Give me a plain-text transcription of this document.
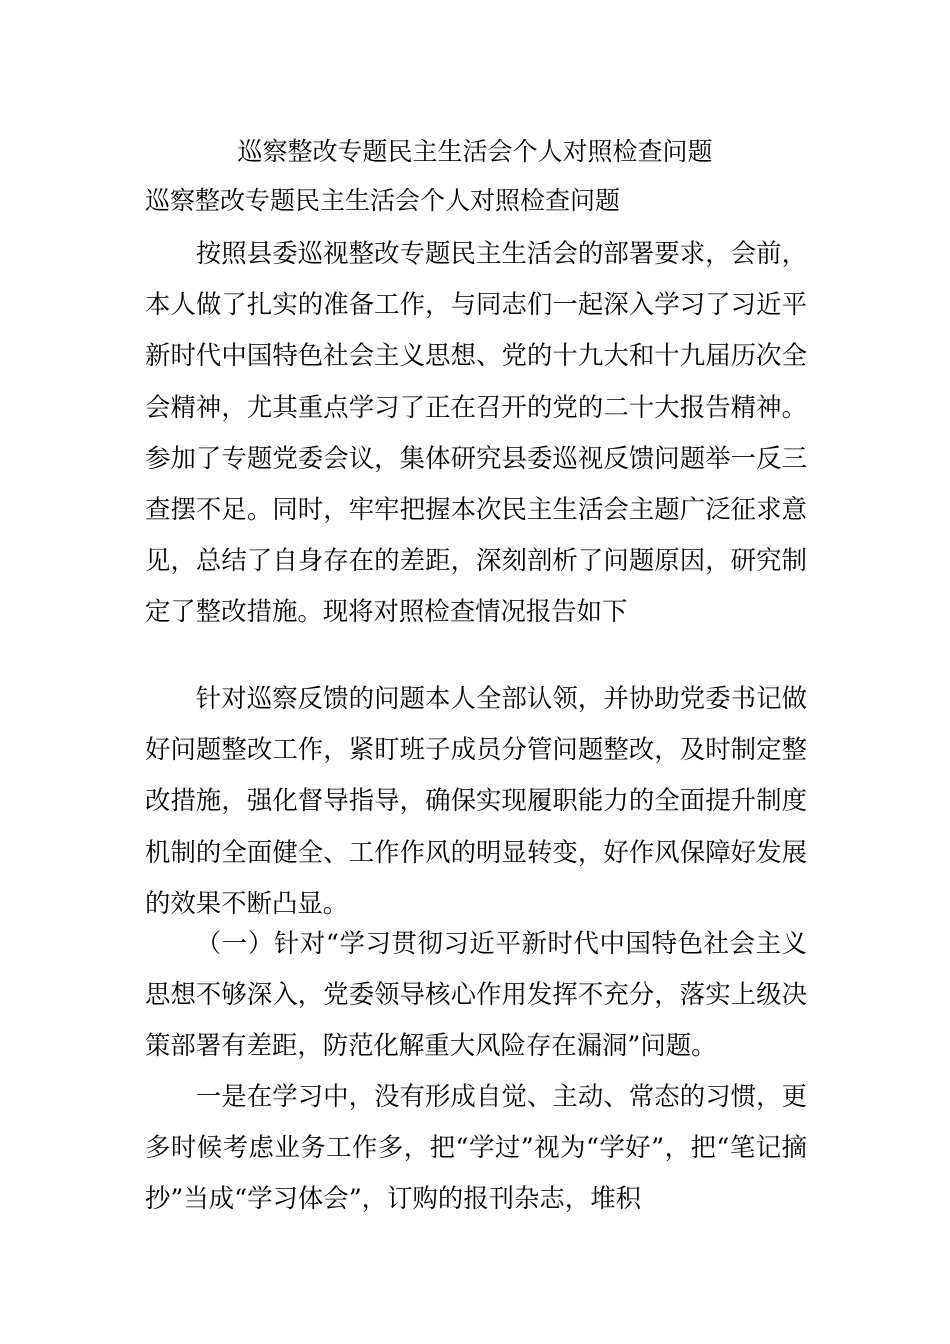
巡察整改专题民主生活会个人对照检查问题
巡察整改专题民主生活会个人对照检查问题

按照县委巡视整改专题民主生活会的部署要求，会前，本人做了扎实的准备工作，与同志们一起深入学习了习近平新时代中国特色社会主义思想、党的十九大和十九届历次全会精神，尤其重点学习了正在召开的党的二十大报告精神。参加了专题党委会议，集体研究县委巡视反馈问题举一反三查摆不足。同时，牢牢把握本次民主生活会主题广泛征求意见，总结了自身存在的差距，深刻剖析了问题原因，研究制定了整改措施。现将对照检查情况报告如下

针对巡察反馈的问题本人全部认领，并协助党委书记做好问题整改工作，紧盯班子成员分管问题整改，及时制定整改措施，强化督导指导，确保实现履职能力的全面提升制度机制的全面健全、工作作风的明显转变，好作风保障好发展的效果不断凸显。

（一）针对“学习贯彻习近平新时代中国特色社会主义思想不够深入，党委领导核心作用发挥不充分，落实上级决策部署有差距，防范化解重大风险存在漏洞”问题。

一是在学习中，没有形成自觉、主动、常态的习惯，更多时候考虑业务工作多，把“学过”视为“学好”，把“笔记摘抄”当成“学习体会”，订购的报刊杂志，堆积
